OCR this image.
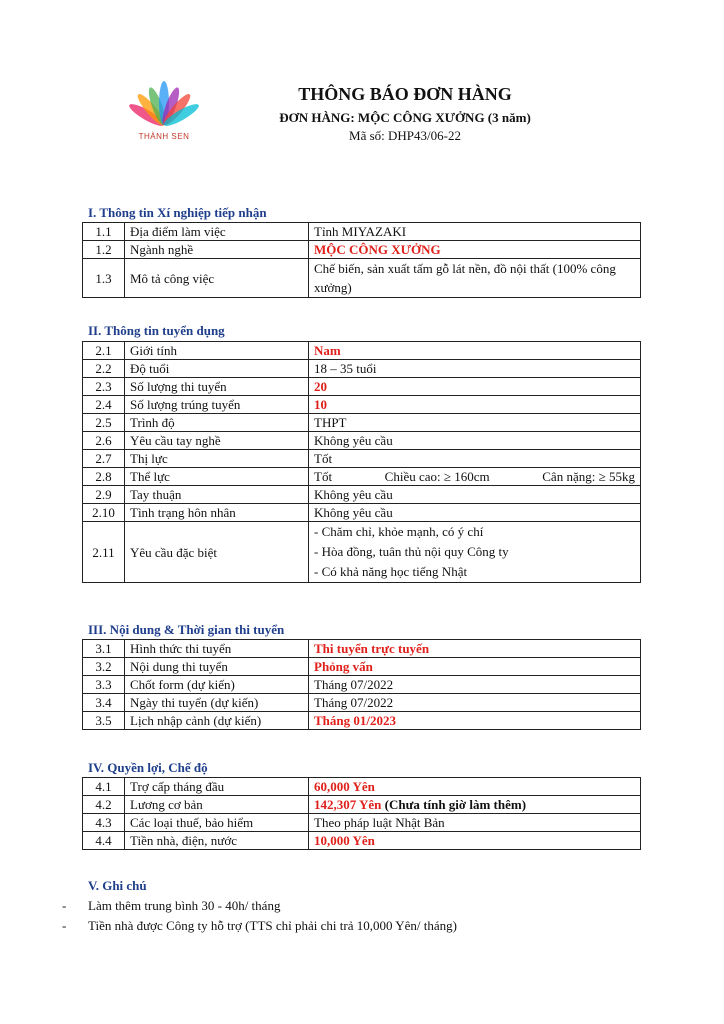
THÀNH SEN
THÔNG BÁO ĐƠN HÀNG
ĐƠN HÀNG: MỘC CÔNG XƯỞNG (3 năm)
Mã số: DHP43/06-22
I. Thông tin Xí nghiệp tiếp nhận
1.1	Địa điểm làm việc	Tỉnh MIYAZAKI
1.2	Ngành nghề	MỘC CÔNG XƯỞNG
1.3	Mô tả công việc	Chế biến, sản xuất tấm gỗ lát nền, đồ nội thất (100% công xưởng)
II. Thông tin tuyển dụng
2.1	Giới tính	Nam
2.2	Độ tuổi	18 – 35 tuổi
2.3	Số lượng thi tuyển	20
2.4	Số lượng trúng tuyển	10
2.5	Trình độ	THPT
2.6	Yêu cầu tay nghề	Không yêu cầu
2.7	Thị lực	Tốt
2.8	Thể lực	Tốt Chiều cao: ≥ 160cm Cân nặng: ≥ 55kg

2.9	Tay thuận	Không yêu cầu
2.10	Tình trạng hôn nhân	Không yêu cầu
2.11	Yêu cầu đặc biệt	- Chăm chỉ, khỏe mạnh, có ý chí
- Hòa đồng, tuân thủ nội quy Công ty
- Có khả năng học tiếng Nhật
III. Nội dung & Thời gian thi tuyển
3.1	Hình thức thi tuyển	Thi tuyển trực tuyến
3.2	Nội dung thi tuyển	Phỏng vấn
3.3	Chốt form (dự kiến)	Tháng 07/2022
3.4	Ngày thi tuyển (dự kiến)	Tháng 07/2022
3.5	Lịch nhập cảnh (dự kiến)	Tháng 01/2023
IV. Quyền lợi, Chế độ
4.1	Trợ cấp tháng đầu	60,000 Yên
4.2	Lương cơ bản	142,307 Yên (Chưa tính giờ làm thêm)
4.3	Các loại thuế, bảo hiểm	Theo pháp luật Nhật Bản
4.4	Tiền nhà, điện, nước	10,000 Yên
V. Ghi chú
-	Làm thêm trung bình 30 - 40h/ tháng
-	Tiền nhà được Công ty hỗ trợ (TTS chỉ phải chi trả 10,000 Yên/ tháng)
